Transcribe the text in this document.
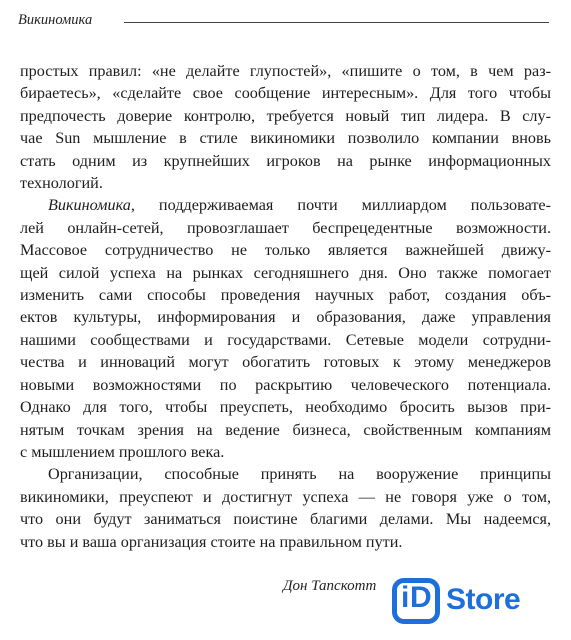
Викиномика
простых правил: «не делайте глупостей», «пишите о том, в чем раз-
бираетесь», «сделайте свое сообщение интересным». Для того чтобы
предпочесть доверие контролю, требуется новый тип лидера. В слу-
чае Sun мышление в стиле викиномики позволило компании вновь
стать одним из крупнейших игроков на рынке информационных
технологий.
Викиномика, поддерживаемая почти миллиардом пользовате-
лей онлайн-сетей, провозглашает беспрецедентные возможности.
Массовое сотрудничество не только является важнейшей движу-
щей силой успеха на рынках сегодняшнего дня. Оно также помогает
изменить сами способы проведения научных работ, создания объ-
ектов культуры, информирования и образования, даже управления
нашими сообществами и государствами. Сетевые модели сотрудни-
чества и инноваций могут обогатить готовых к этому менеджеров
новыми возможностями по раскрытию человеческого потенциала.
Однако для того, чтобы преуспеть, необходимо бросить вызов при-
нятым точкам зрения на ведение бизнеса, свойственным компаниям
с мышлением прошлого века.
Организации, способные принять на вооружение принципы
викиномики, преуспеют и достигнут успеха — не говоря уже о том,
что они будут заниматься поистине благими делами. Мы надеемся,
что вы и ваша организация стоите на правильном пути.
Дон Тапскотт i D Store
